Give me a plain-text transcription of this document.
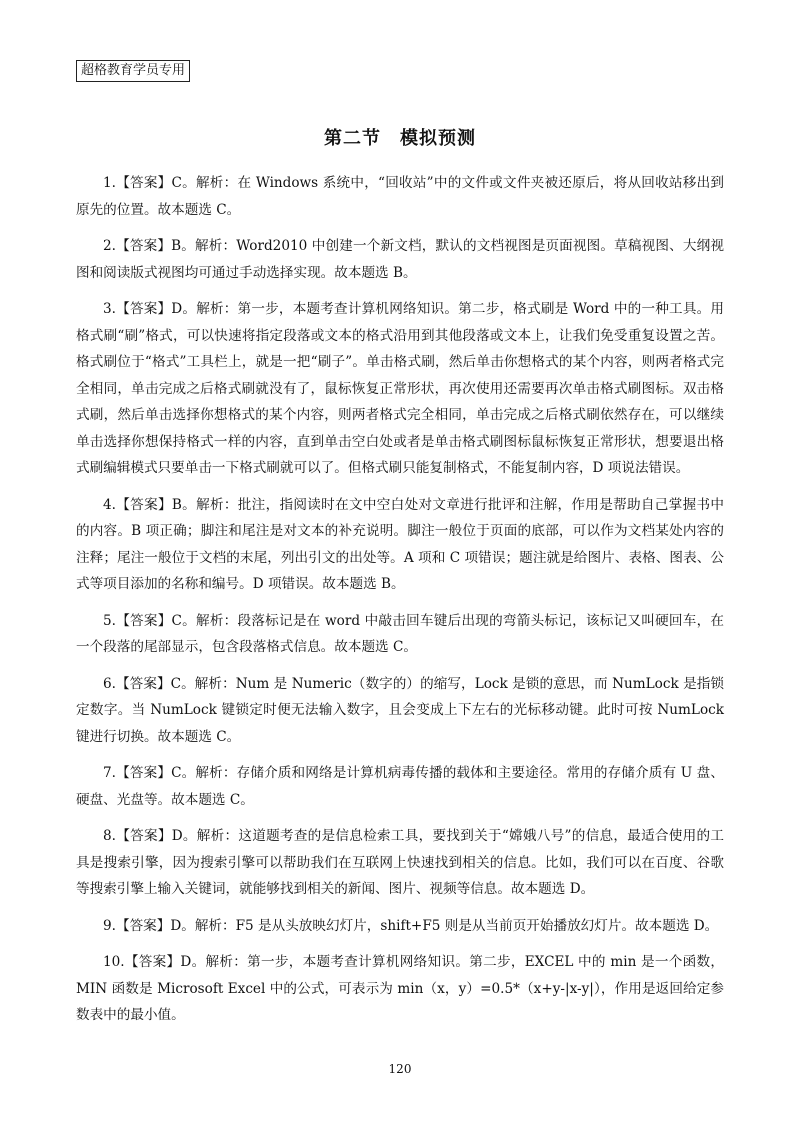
超格教育学员专用
第二节　模拟预测

1.【答案】C。解析：在 Windows 系统中，“回收站”中的文件或文件夹被还原后，将从回收站移出到原先的位置。故本题选 C。

2.【答案】B。解析：Word2010 中创建一个新文档，默认的文档视图是页面视图。草稿视图、大纲视图和阅读版式视图均可通过手动选择实现。故本题选 B。

3.【答案】D。解析：第一步，本题考查计算机网络知识。第二步，格式刷是 Word 中的一种工具。用格式刷“刷”格式，可以快速将指定段落或文本的格式沿用到其他段落或文本上，让我们免受重复设置之苦。格式刷位于“格式”工具栏上，就是一把“刷子”。单击格式刷，然后单击你想格式的某个内容，则两者格式完全相同，单击完成之后格式刷就没有了，鼠标恢复正常形状，再次使用还需要再次单击格式刷图标。双击格式刷，然后单击选择你想格式的某个内容，则两者格式完全相同，单击完成之后格式刷依然存在，可以继续单击选择你想保持格式一样的内容，直到单击空白处或者是单击格式刷图标鼠标恢复正常形状，想要退出格式刷编辑模式只要单击一下格式刷就可以了。但格式刷只能复制格式，不能复制内容，D 项说法错误。

4.【答案】B。解析：批注，指阅读时在文中空白处对文章进行批评和注解，作用是帮助自己掌握书中的内容。B 项正确；脚注和尾注是对文本的补充说明。脚注一般位于页面的底部，可以作为文档某处内容的注释；尾注一般位于文档的末尾，列出引文的出处等。A 项和 C 项错误；题注就是给图片、表格、图表、公式等项目添加的名称和编号。D 项错误。故本题选 B。

5.【答案】C。解析：段落标记是在 word 中敲击回车键后出现的弯箭头标记，该标记又叫硬回车，在一个段落的尾部显示，包含段落格式信息。故本题选 C。

6.【答案】C。解析：Num 是 Numeric（数字的）的缩写，Lock 是锁的意思，而 NumLock 是指锁定数字。当 NumLock 键锁定时便无法输入数字，且会变成上下左右的光标移动键。此时可按 NumLock 键进行切换。故本题选 C。

7.【答案】C。解析：存储介质和网络是计算机病毒传播的载体和主要途径。常用的存储介质有 U 盘、硬盘、光盘等。故本题选 C。

8.【答案】D。解析：这道题考查的是信息检索工具，要找到关于“嫦娥八号”的信息，最适合使用的工具是搜索引擎，因为搜索引擎可以帮助我们在互联网上快速找到相关的信息。比如，我们可以在百度、谷歌等搜索引擎上输入关键词，就能够找到相关的新闻、图片、视频等信息。故本题选 D。

9.【答案】D。解析：F5 是从头放映幻灯片，shift+F5 则是从当前页开始播放幻灯片。故本题选 D。

10.【答案】D。解析：第一步，本题考查计算机网络知识。第二步，EXCEL 中的 min 是一个函数，MIN 函数是 Microsoft Excel 中的公式，可表示为 min（x，y）=0.5*（x+y-|x-y|），作用是返回给定参数表中的最小值。

120
